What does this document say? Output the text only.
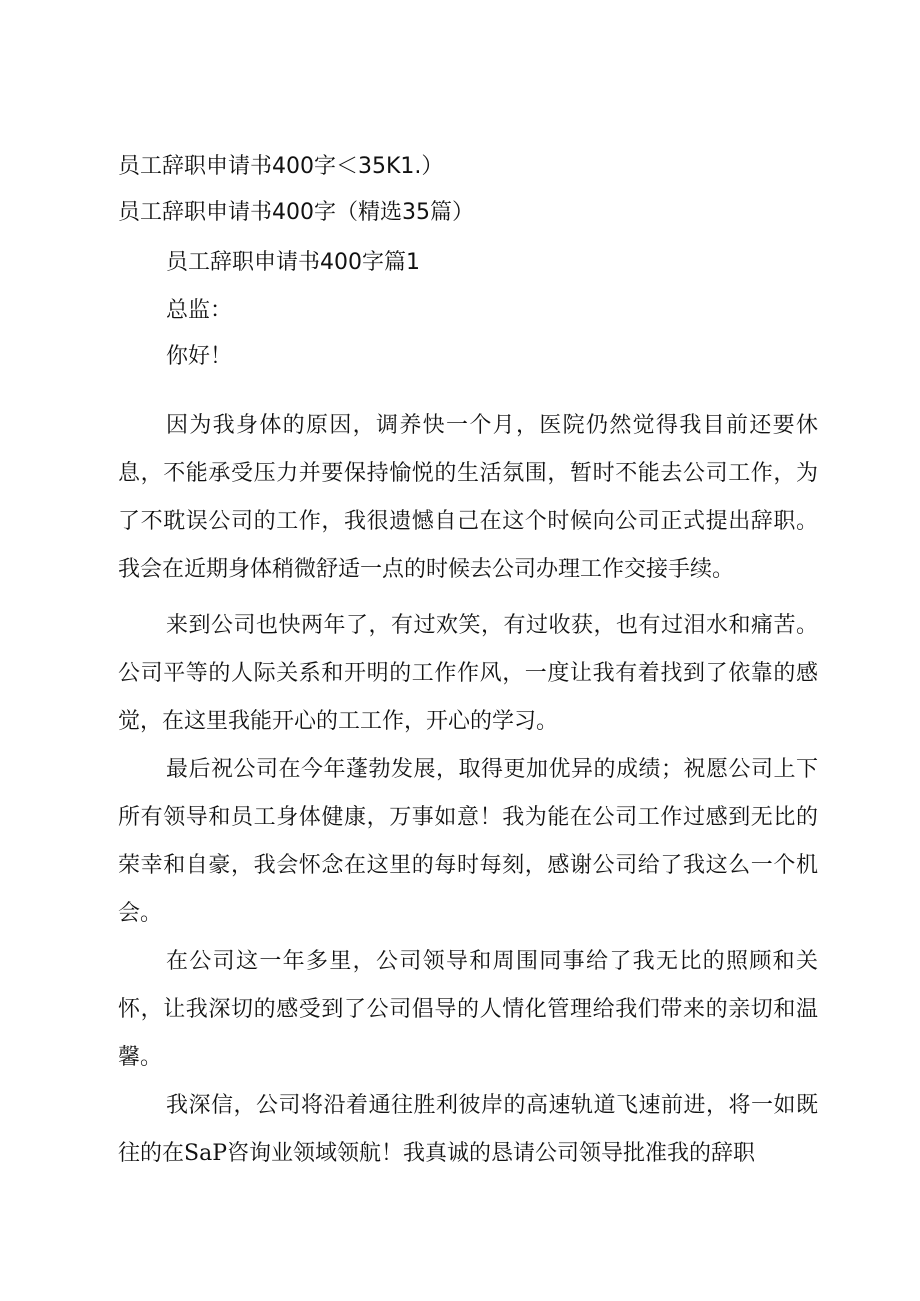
员工辞职申请书400字＜35K1.）
员工辞职申请书400字（精选35篇）
员工辞职申请书400字篇1
总监：
你好！

因为我身体的原因，调养快一个月，医院仍然觉得我目前还要休息，不能承受压力并要保持愉悦的生活氛围，暂时不能去公司工作，为了不耽误公司的工作，我很遗憾自己在这个时候向公司正式提出辞职。我会在近期身体稍微舒适一点的时候去公司办理工作交接手续。

来到公司也快两年了，有过欢笑，有过收获，也有过泪水和痛苦。公司平等的人际关系和开明的工作作风，一度让我有着找到了依靠的感觉，在这里我能开心的工工作，开心的学习。

最后祝公司在今年蓬勃发展，取得更加优异的成绩；祝愿公司上下所有领导和员工身体健康，万事如意！我为能在公司工作过感到无比的荣幸和自豪，我会怀念在这里的每时每刻，感谢公司给了我这么一个机会。

在公司这一年多里，公司领导和周围同事给了我无比的照顾和关怀，让我深切的感受到了公司倡导的人情化管理给我们带来的亲切和温馨。

我深信，公司将沿着通往胜利彼岸的高速轨道飞速前进，将一如既往的在SaP咨询业领域领航！我真诚的恳请公司领导批准我的辞职
